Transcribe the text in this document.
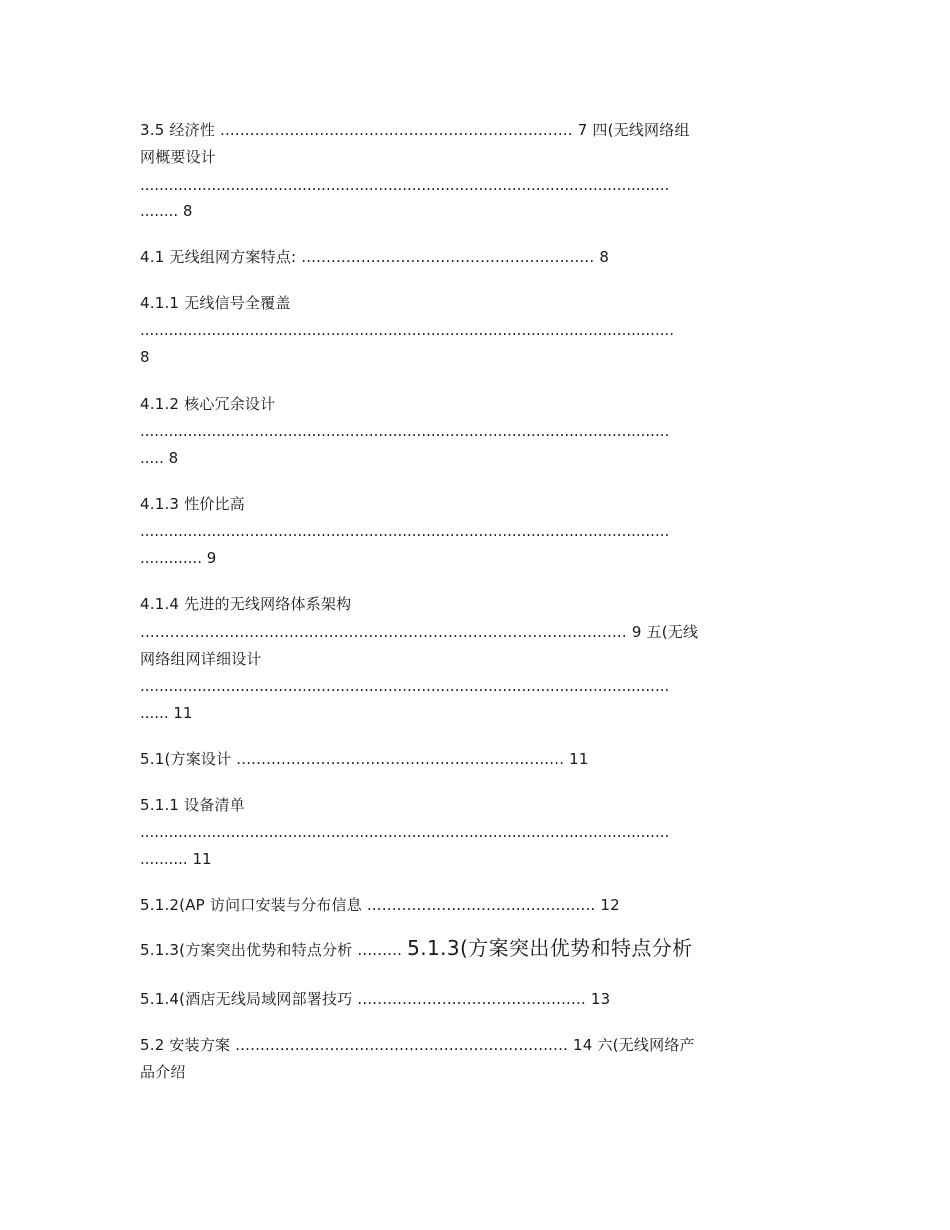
3.5 经济性 ....................................................................... 7 四(无线网络组

网概要设计

...............................................................................................................

........ 8

4.1 无线组网方案特点: ........................................................... 8

4.1.1 无线信号全覆盖

................................................................................................................

8

4.1.2 核心冗余设计

...............................................................................................................

..... 8

4.1.3 性价比高

...............................................................................................................

............. 9

4.1.4 先进的无线网络体系架构

.................................................................................................. 9 五(无线

网络组网详细设计

...............................................................................................................

...... 11

5.1(方案设计 .................................................................. 11

5.1.1 设备清单

...............................................................................................................

.......... 11

5.1.2(AP 访问口安装与分布信息 .............................................. 12

5.1.3(方案突出优势和特点分析 ......... 5.1.3(方案突出优势和特点分析

5.1.4(酒店无线局域网部署技巧 .............................................. 13

5.2 安装方案 ................................................................... 14 六(无线网络产

品介绍
